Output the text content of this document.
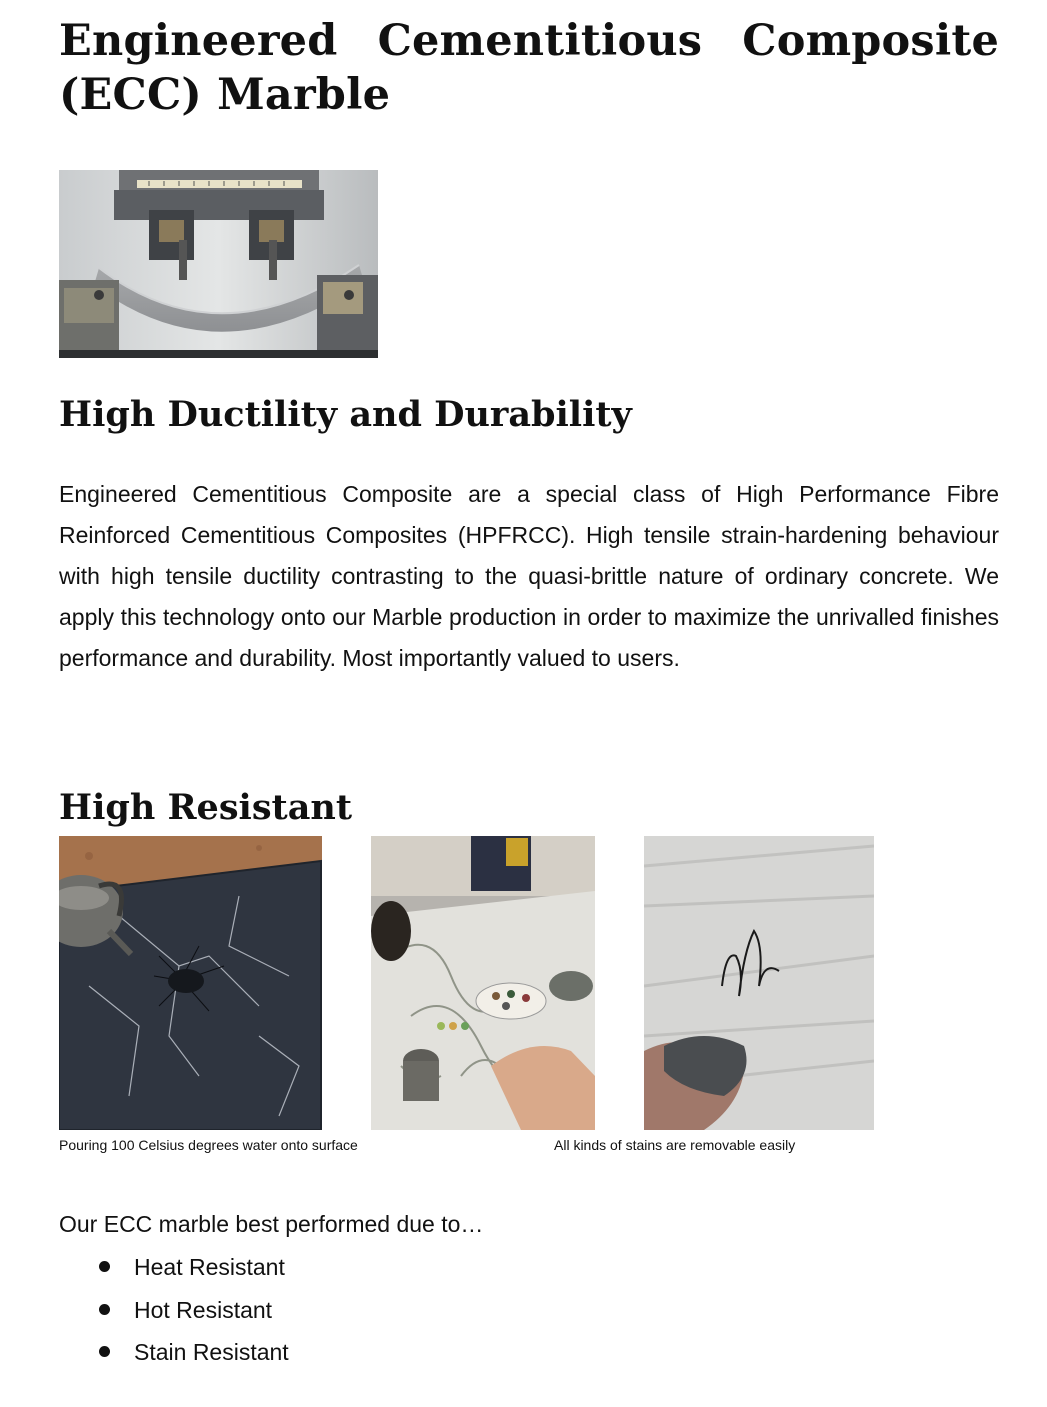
Engineered Cementitious Composite
(ECC) Marble
High Ductility and Durability

Engineered Cementitious Composite are a special class of High Performance Fibre Reinforced Cementitious Composites (HPFRCC). High tensile strain-hardening behaviour with high tensile ductility contrasting to the quasi-brittle nature of ordinary concrete. We apply this technology onto our Marble production in order to maximize the unrivalled finishes performance and durability. Most importantly valued to users.

High Resistant
Pouring 100 Celsius degrees water onto surface	All kinds of stains are removable easily

Our ECC marble best performed due to…

Heat Resistant
Hot Resistant
Stain Resistant
